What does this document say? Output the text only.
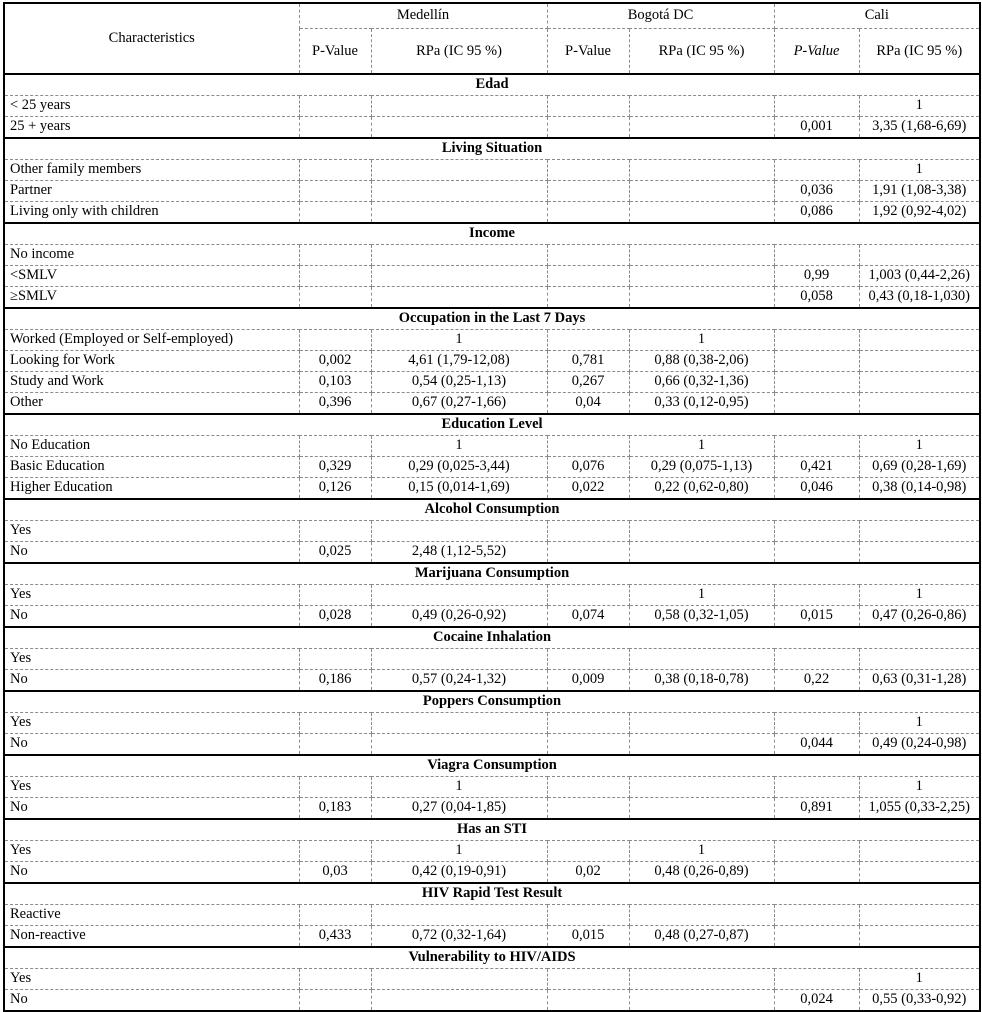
Characteristics	Medellín		Bogotá DC		Cali	
	P-Value	RPa (IC 95 %)	P-Value	RPa (IC 95 %)	P-Value	RPa (IC 95 %)
Edad						
< 25 years						1
25 + years					0,001	3,35 (1,68-6,69)
Living Situation						
Other family members						1
Partner					0,036	1,91 (1,08-3,38)
Living only with children					0,086	1,92 (0,92-4,02)
Income						
No income						
<SMLV					0,99	1,003 (0,44-2,26)
≥SMLV					0,058	0,43 (0,18-1,030)
Occupation in the Last 7 Days						
Worked (Employed or Self-employed)		1		1		
Looking for Work	0,002	4,61 (1,79-12,08)	0,781	0,88 (0,38-2,06)		
Study and Work	0,103	0,54 (0,25-1,13)	0,267	0,66 (0,32-1,36)		
Other	0,396	0,67 (0,27-1,66)	0,04	0,33 (0,12-0,95)		
Education Level						
No Education		1		1		1
Basic Education	0,329	0,29 (0,025-3,44)	0,076	0,29 (0,075-1,13)	0,421	0,69 (0,28-1,69)
Higher Education	0,126	0,15 (0,014-1,69)	0,022	0,22 (0,62-0,80)	0,046	0,38 (0,14-0,98)
Alcohol Consumption						
Yes						
No	0,025	2,48 (1,12-5,52)				
Marijuana Consumption						
Yes				1		1
No	0,028	0,49 (0,26-0,92)	0,074	0,58 (0,32-1,05)	0,015	0,47 (0,26-0,86)
Cocaine Inhalation						
Yes						
No	0,186	0,57 (0,24-1,32)	0,009	0,38 (0,18-0,78)	0,22	0,63 (0,31-1,28)
Poppers Consumption						
Yes						1
No					0,044	0,49 (0,24-0,98)
Viagra Consumption						
Yes		1				1
No	0,183	0,27 (0,04-1,85)			0,891	1,055 (0,33-2,25)
Has an STI						
Yes		1		1		
No	0,03	0,42 (0,19-0,91)	0,02	0,48 (0,26-0,89)		
HIV Rapid Test Result						
Reactive						
Non-reactive	0,433	0,72 (0,32-1,64)	0,015	0,48 (0,27-0,87)		
Vulnerability to HIV/AIDS						
Yes						1
No					0,024	0,55 (0,33-0,92)
